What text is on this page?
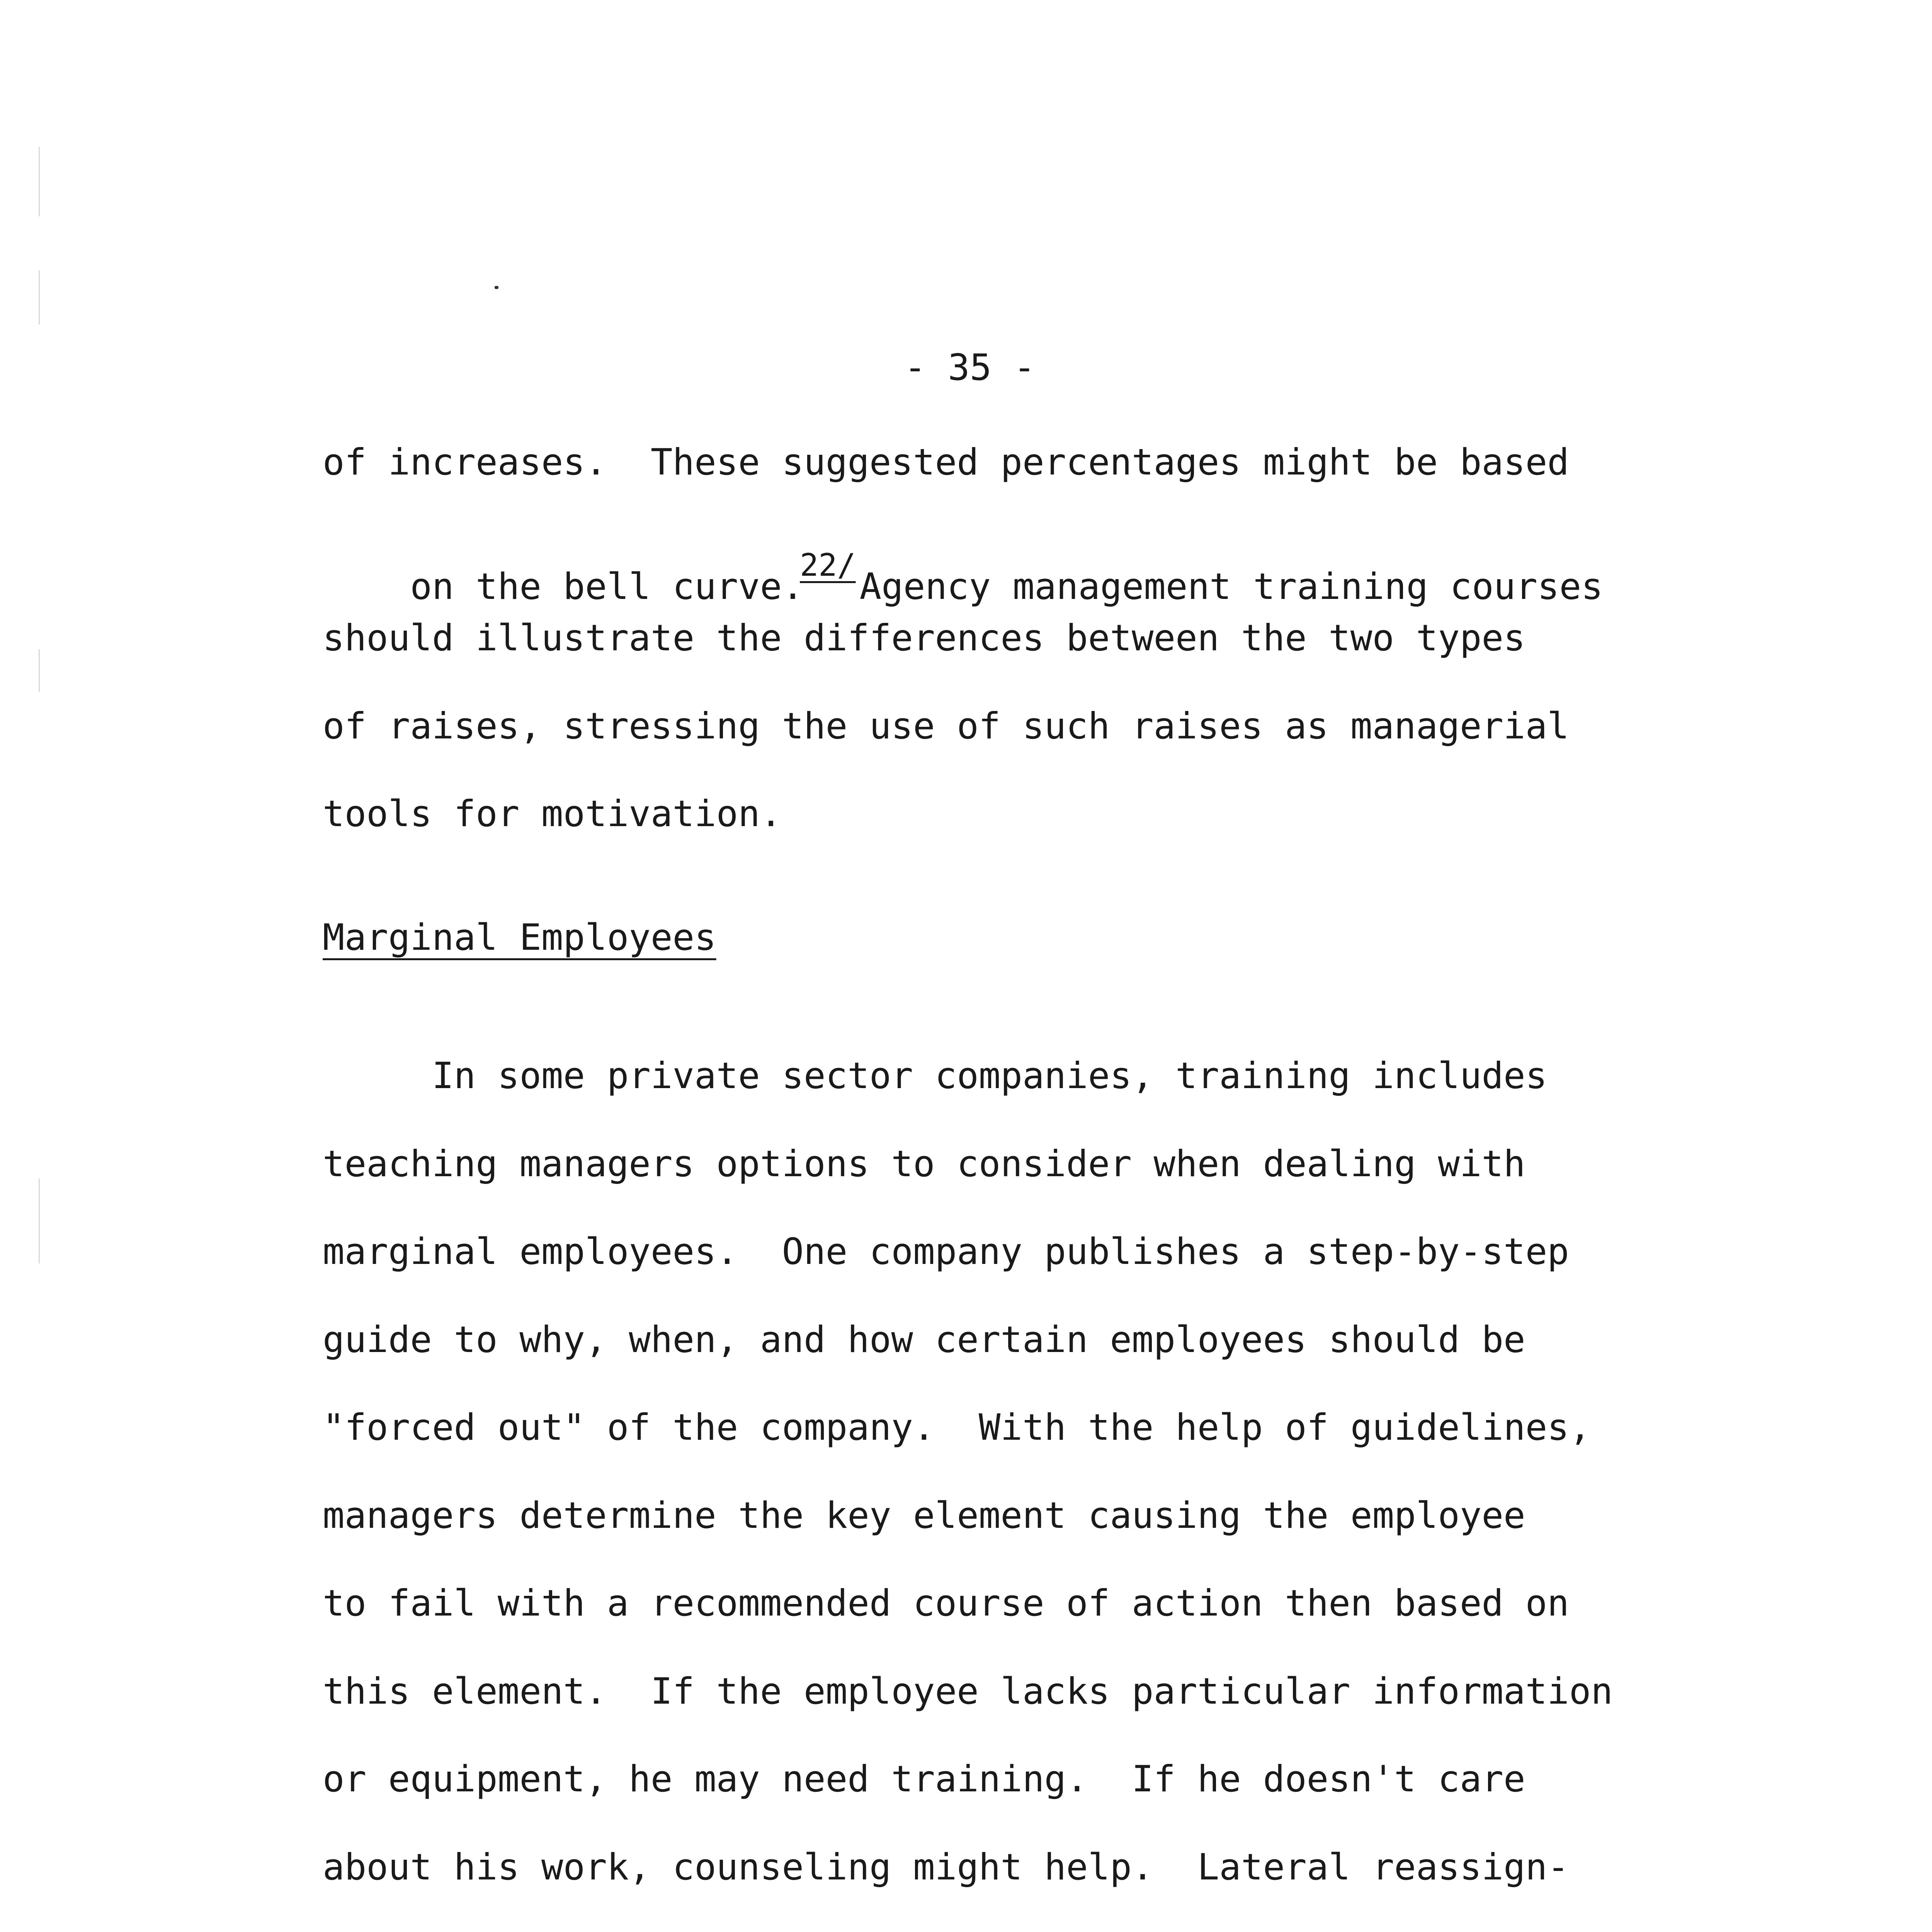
- 35 -
of increases.  These suggested percentages might be based

on the bell curve.22/Agency management training courses

should illustrate the differences between the two types
of raises, stressing the use of such raises as managerial
tools for motivation.
Marginal Employees
In some private sector companies, training includes
teaching managers options to consider when dealing with
marginal employees.  One company publishes a step-by-step
guide to why, when, and how certain employees should be
"forced out" of the company.  With the help of guidelines,
managers determine the key element causing the employee
to fail with a recommended course of action then based on
this element.  If the employee lacks particular information
or equipment, he may need training.  If he doesn't care
about his work, counseling might help.  Lateral reassign-
